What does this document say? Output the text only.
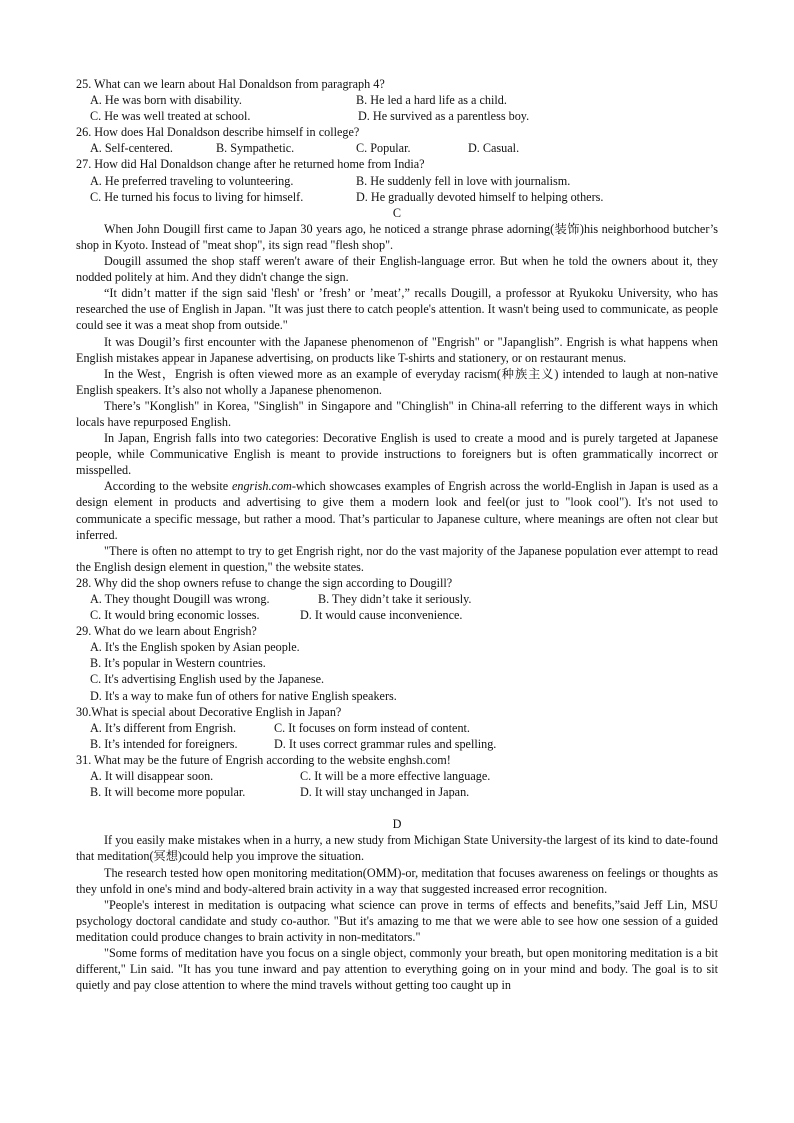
25. What can we learn about Hal Donaldson from paragraph 4?
A. He was born with disability.	B. He led a hard life as a child.
C. He was well treated at school.	D. He survived as a parentless boy.
26. How does Hal Donaldson describe himself in college?
A. Self-centered.	B. Sympathetic.	C. Popular.	D. Casual.
27. How did Hal Donaldson change after he returned home from India?
A. He preferred traveling to volunteering.	B. He suddenly fell in love with journalism.
C. He turned his focus to living for himself.	D. He gradually devoted himself to helping others.
C

When John Dougill first came to Japan 30 years ago, he noticed a strange phrase adorning(装饰)his neighborhood butcher’s shop in Kyoto. Instead of "meat shop", its sign read "flesh shop".

Dougill assumed the shop staff weren't aware of their English-language error. But when he told the owners about it, they nodded politely at him. And they didn't change the sign.

“It didn’t matter if the sign said 'flesh' or ’fresh’ or ’meat’,” recalls Dougill, a professor at Ryukoku University, who has researched the use of English in Japan. "It was just there to catch people's attention. It wasn't being used to communicate, as people could see it was a meat shop from outside."

It was Dougil’s first encounter with the Japanese phenomenon of "Engrish" or "Japanglish”. Engrish is what happens when English mistakes appear in Japanese advertising, on products like T-shirts and stationery, or on restaurant menus.

In the West，Engrish is often viewed more as an example of everyday racism(种族主义) intended to laugh at non-native English speakers. It’s also not wholly a Japanese phenomenon.

There’s "Konglish" in Korea, "Singlish" in Singapore and "Chinglish" in China-all referring to the different ways in which locals have repurposed English.

In Japan, Engrish falls into two categories: Decorative English is used to create a mood and is purely targeted at Japanese people, while Communicative English is meant to provide instructions to foreigners but is often grammatically incorrect or misspelled.

According to the website engrish.com-which showcases examples of Engrish across the world-English in Japan is used as a design element in products and advertising to give them a modern look and feel(or just to "look cool"). It's not used to communicate a specific message, but rather a mood. That’s particular to Japanese culture, where meanings are often not clear but inferred.

"There is often no attempt to try to get Engrish right, nor do the vast majority of the Japanese population ever attempt to read the English design element in question," the website states.

28. Why did the shop owners refuse to change the sign according to Dougill?
A. They thought Dougill was wrong.	B. They didn’t take it seriously.
C. It would bring economic losses.	D. It would cause inconvenience.
29. What do we learn about Engrish?
A. It's the English spoken by Asian people.
B. It’s popular in Western countries.
C. It's advertising English used by the Japanese.
D. It's a way to make fun of others for native English speakers.
30.What is special about Decorative English in Japan?
A. It’s different from Engrish.	C. It focuses on form instead of content.
B. It’s intended for foreigners.	D. It uses correct grammar rules and spelling.
31. What may be the future of Engrish according to the website enghsh.com!
A. It will disappear soon.	C. It will be a more effective language.
B. It will become more popular.	D. It will stay unchanged in Japan.
D

If you easily make mistakes when in a hurry, a new study from Michigan State University-the largest of its kind to date-found that meditation(冥想)could help you improve the situation.

The research tested how open monitoring meditation(OMM)-or, meditation that focuses awareness on feelings or thoughts as they unfold in one's mind and body-altered brain activity in a way that suggested increased error recognition.

"People's interest in meditation is outpacing what science can prove in terms of effects and benefits,”said Jeff Lin, MSU psychology doctoral candidate and study co-author. "But it's amazing to me that we were able to see how one session of a guided meditation could produce changes to brain activity in non-meditators."

"Some forms of meditation have you focus on a single object, commonly your breath, but open monitoring meditation is a bit different," Lin said. "It has you tune inward and pay attention to everything going on in your mind and body. The goal is to sit quietly and pay close attention to where the mind travels without getting too caught up in
